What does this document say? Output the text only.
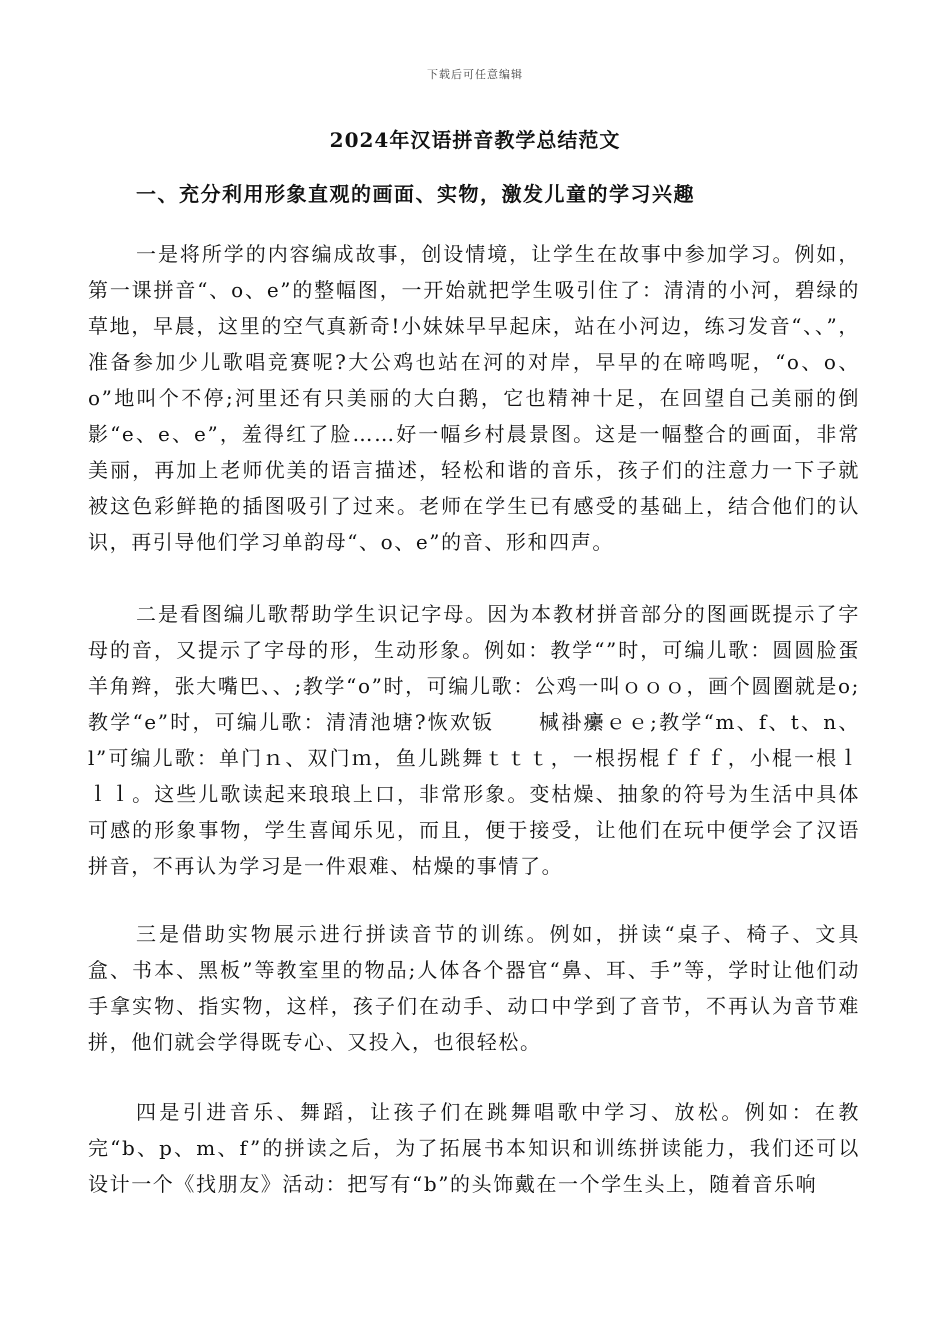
下载后可任意编辑
2024年汉语拼音教学总结范文
一、充分利用形象直观的画面、实物，激发儿童的学习兴趣

一是将所学的内容编成故事，创设情境，让学生在故事中参加学习。例如，第一课拼音“、o、e”的整幅图，一开始就把学生吸引住了：清清的小河，碧绿的草地，早晨，这里的空气真新奇!小妹妹早早起床，站在小河边，练习发音“、、”，准备参加少儿歌唱竞赛呢?大公鸡也站在河的对岸，早早的在啼鸣呢，“o、o、o”地叫个不停;河里还有只美丽的大白鹅，它也精神十足，在回望自己美丽的倒影“e、e、e”，羞得红了脸……好一幅乡村晨景图。这是一幅整合的画面，非常美丽，再加上老师优美的语言描述，轻松和谐的音乐，孩子们的注意力一下子就被这色彩鲜艳的插图吸引了过来。老师在学生已有感受的基础上，结合他们的认识，再引导他们学习单韵母“、o、e”的音、形和四声。

二是看图编儿歌帮助学生识记字母。因为本教材拼音部分的图画既提示了字母的音，又提示了字母的形，生动形象。例如：教学“”时，可编儿歌：圆圆脸蛋羊角辫，张大嘴巴、、;教学“o”时，可编儿歌：公鸡一叫ｏｏｏ，画个圆圈就是o;教学“e”时，可编儿歌：清清池塘?恢欢钣　　椷褂癳ｅｅ;教学“m、f、t、n、l”可编儿歌：单门ｎ、双门ｍ，鱼儿跳舞ｔｔｔ，一根拐棍ｆｆｆ，小棍一根ｌｌｌ。这些儿歌读起来琅琅上口，非常形象。变枯燥、抽象的符号为生活中具体可感的形象事物，学生喜闻乐见，而且，便于接受，让他们在玩中便学会了汉语拼音，不再认为学习是一件艰难、枯燥的事情了。

三是借助实物展示进行拼读音节的训练。例如，拼读“桌子、椅子、文具盒、书本、黑板”等教室里的物品;人体各个器官“鼻、耳、手”等，学时让他们动手拿实物、指实物，这样，孩子们在动手、动口中学到了音节，不再认为音节难拼，他们就会学得既专心、又投入，也很轻松。

四是引进音乐、舞蹈，让孩子们在跳舞唱歌中学习、放松。例如：在教完“b、p、m、f”的拼读之后，为了拓展书本知识和训练拼读能力，我们还可以设计一个《找朋友》活动：把写有“b”的头饰戴在一个学生头上，随着音乐响
